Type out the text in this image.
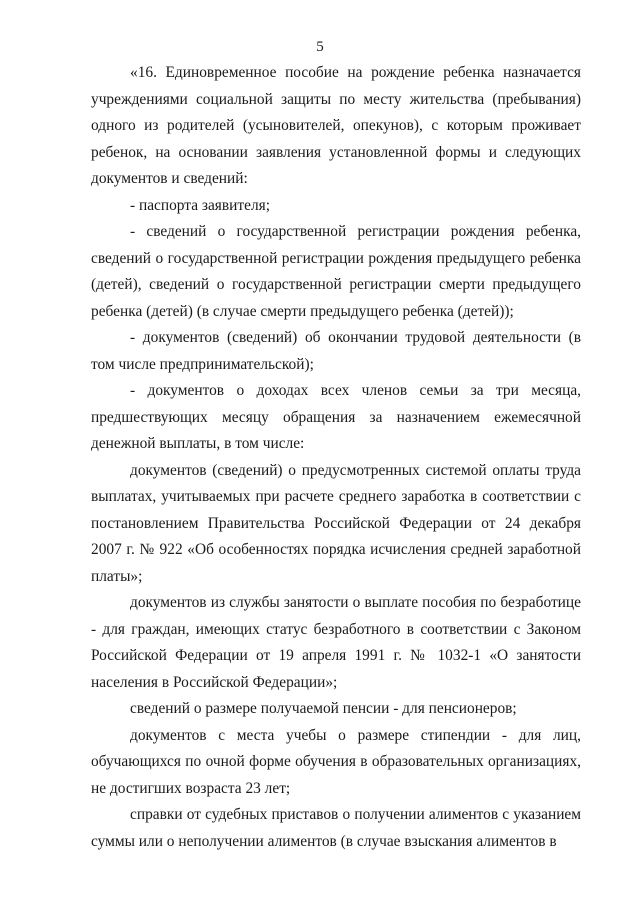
5

«16. Единовременное пособие на рождение ребенка назначается учреждениями социальной защиты по месту жительства (пребывания) одного из родителей (усыновителей, опекунов), с которым проживает ребенок, на основании заявления установленной формы и следующих документов и сведений:

- паспорта заявителя;

- сведений о государственной регистрации рождения ребенка, сведений о государственной регистрации рождения предыдущего ребенка (детей), сведений о государственной регистрации смерти предыдущего ребенка (детей) (в случае смерти предыдущего ребенка (детей));

- документов (сведений) об окончании трудовой деятельности (в том числе предпринимательской);

- документов о доходах всех членов семьи за три месяца, предшествующих месяцу обращения за назначением ежемесячной денежной выплаты, в том числе:

документов (сведений) о предусмотренных системой оплаты труда выплатах, учитываемых при расчете среднего заработка в соответствии с постановлением Правительства Российской Федерации от 24 декабря 2007 г. № 922 «Об особенностях порядка исчисления средней заработной платы»;

документов из службы занятости о выплате пособия по безработице - для граждан, имеющих статус безработного в соответствии с Законом Российской Федерации от 19 апреля 1991 г. № 1032-1 «О занятости населения в Российской Федерации»;

сведений о размере получаемой пенсии - для пенсионеров;

документов с места учебы о размере стипендии - для лиц, обучающихся по очной форме обучения в образовательных организациях, не достигших возраста 23 лет;

справки от судебных приставов о получении алиментов с указанием суммы или о неполучении алиментов (в случае взыскания алиментов в
